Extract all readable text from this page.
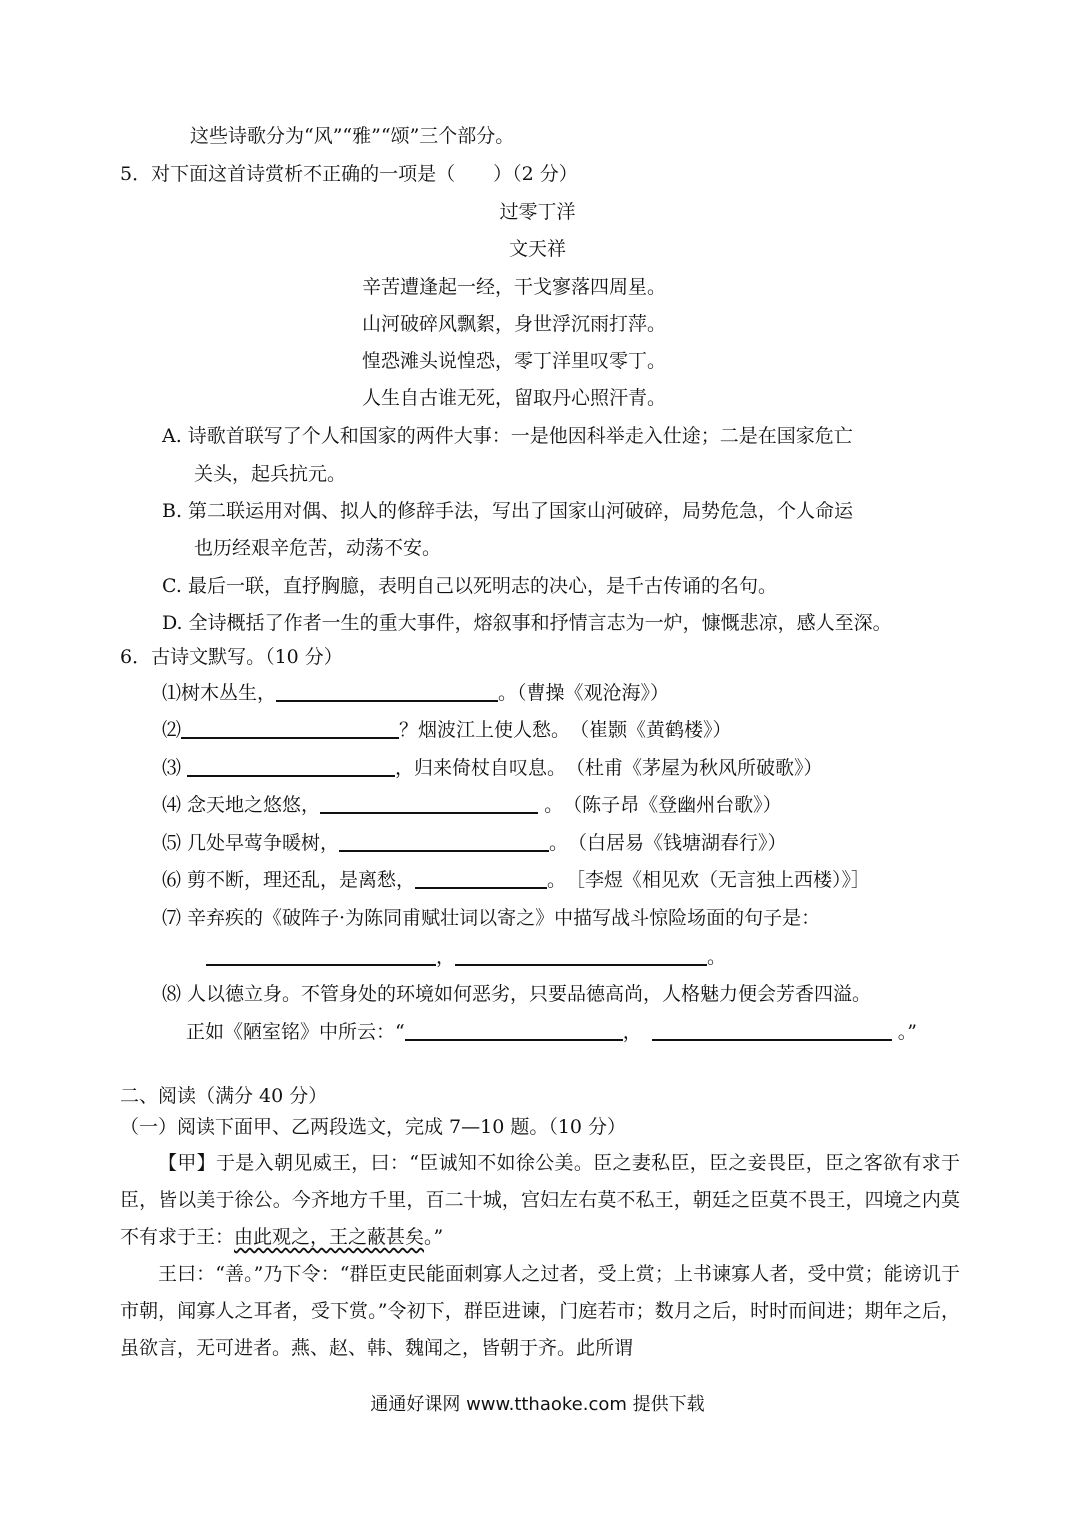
这些诗歌分为“风”“雅”“颂”三个部分。
5．对下面这首诗赏析不正确的一项是（　　）（2 分）
过零丁洋
文天祥
辛苦遭逢起一经，干戈寥落四周星。
山河破碎风飘絮，身世浮沉雨打萍。
惶恐滩头说惶恐，零丁洋里叹零丁。
人生自古谁无死，留取丹心照汗青。
A. 诗歌首联写了个人和国家的两件大事：一是他因科举走入仕途；二是在国家危亡
关头，起兵抗元。
B. 第二联运用对偶、拟人的修辞手法，写出了国家山河破碎，局势危急，个人命运
也历经艰辛危苦，动荡不安。
C. 最后一联，直抒胸臆，表明自己以死明志的决心，是千古传诵的名句。
D. 全诗概括了作者一生的重大事件，熔叙事和抒情言志为一炉，慷慨悲凉，感人至深。
6．古诗文默写。（10 分）
⑴树木丛生，	。（曹操《观沧海》）
⑵	？烟波江上使人愁。　（崔颢《黄鹤楼》）
⑶	，归来倚杖自叹息。　（杜甫《茅屋为秋风所破歌》）
⑷ 念天地之悠悠，	。　（陈子昂《登幽州台歌》）
⑸ 几处早莺争暖树，	。　（白居易《钱塘湖春行》）
⑹ 剪不断，理还乱，是离愁，	。　［李煜《相见欢（无言独上西楼）》］
⑺ 辛弃疾的《破阵子·为陈同甫赋壮词以寄之》中描写战斗惊险场面的句子是：
，	。
⑻ 人以德立身。不管身处的环境如何恶劣，只要品德高尚，人格魅力便会芳香四溢。
正如《陋室铭》中所云：“	，	。”
二、阅读（满分 40 分）
（一）阅读下面甲、乙两段选文，完成 7—10 题。（10 分）
【甲】于是入朝见威王，曰：“臣诚知不如徐公美。臣之妻私臣，臣之妾畏臣，臣之客欲有求于臣，皆以美于徐公。今齐地方千里，百二十城，宫妇左右莫不私王，朝廷之臣莫不畏王，四境之内莫不有求于王：由此观之，王之蔽甚矣。”
王曰：“善。”乃下令：“群臣吏民能面刺寡人之过者，受上赏；上书谏寡人者，受中赏；能谤讥于市朝，闻寡人之耳者，受下赏。”令初下，群臣进谏，门庭若市；数月之后，时时而间进；期年之后，虽欲言，无可进者。燕、赵、韩、魏闻之，皆朝于齐。此所谓
通通好课网 www.tthaoke.com 提供下载
